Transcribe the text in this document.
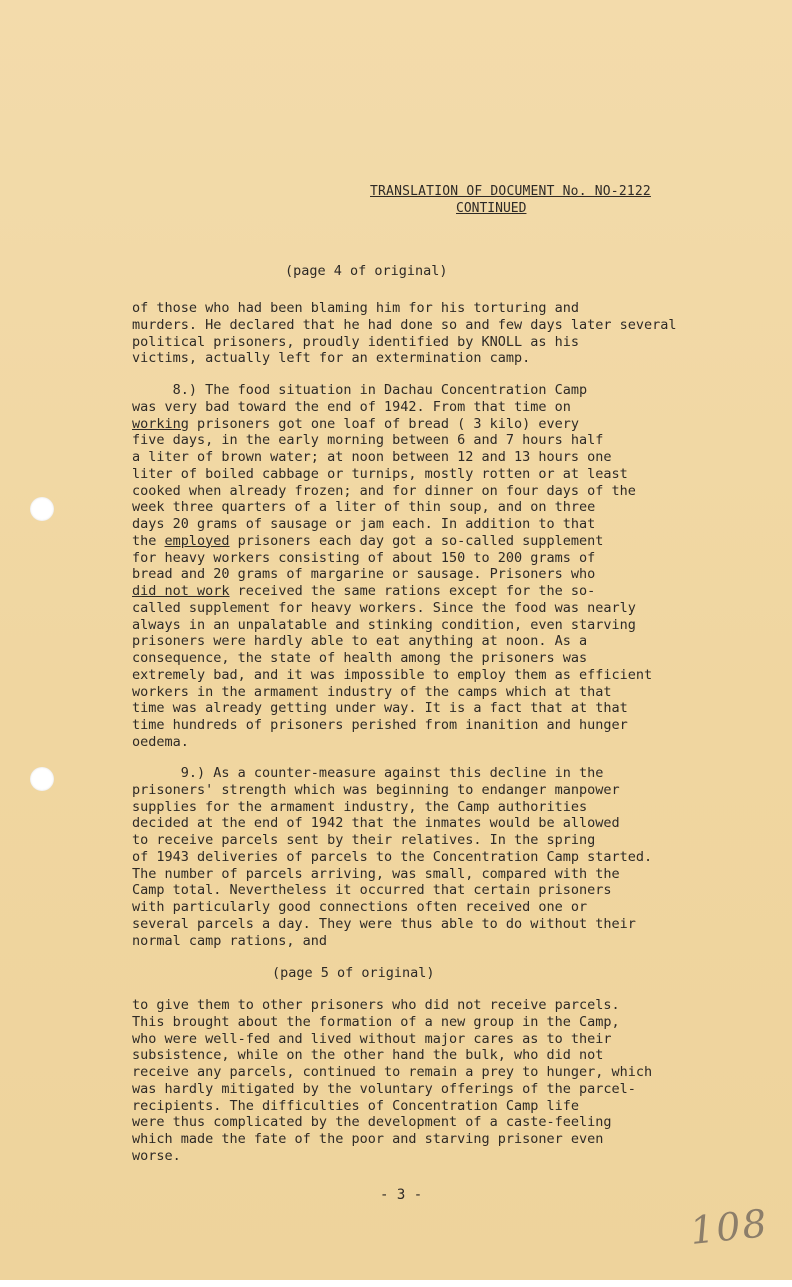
TRANSLATION OF DOCUMENT No. NO-2122
CONTINUED
(page 4 of original)
of those who had been blaming him for his torturing and
murders. He declared that he had done so and few days later several
political prisoners, proudly identified by KNOLL as his
victims, actually left for an extermination camp.
8.) The food situation in Dachau Concentration Camp
was very bad toward the end of 1942. From that time on
working prisoners got one loaf of bread ( 3 kilo) every
five days, in the early morning between 6 and 7 hours half
a liter of brown water; at noon between 12 and 13 hours one
liter of boiled cabbage or turnips, mostly rotten or at least
cooked when already frozen; and for dinner on four days of the
week three quarters of a liter of thin soup, and on three
days 20 grams of sausage or jam each. In addition to that
the employed prisoners each day got a so-called supplement
for heavy workers consisting of about 150 to 200 grams of
bread and 20 grams of margarine or sausage. Prisoners who
did not work received the same rations except for the so-
called supplement for heavy workers. Since the food was nearly
always in an unpalatable and stinking condition, even starving
prisoners were hardly able to eat anything at noon. As a
consequence, the state of health among the prisoners was
extremely bad, and it was impossible to employ them as efficient
workers in the armament industry of the camps which at that
time was already getting under way. It is a fact that at that
time hundreds of prisoners perished from inanition and hunger
oedema.
9.) As a counter-measure against this decline in the
prisoners' strength which was beginning to endanger manpower
supplies for the armament industry, the Camp authorities
decided at the end of 1942 that the inmates would be allowed
to receive parcels sent by their relatives. In the spring
of 1943 deliveries of parcels to the Concentration Camp started.
The number of parcels arriving, was small, compared with the
Camp total. Nevertheless it occurred that certain prisoners
with particularly good connections often received one or
several parcels a day. They were thus able to do without their
normal camp rations, and
(page 5 of original)
to give them to other prisoners who did not receive parcels.
This brought about the formation of a new group in the Camp,
who were well-fed and lived without major cares as to their
subsistence, while on the other hand the bulk, who did not
receive any parcels, continued to remain a prey to hunger, which
was hardly mitigated by the voluntary offerings of the parcel-
recipients. The difficulties of Concentration Camp life
were thus complicated by the development of a caste-feeling
which made the fate of the poor and starving prisoner even
worse.
- 3 -
108
